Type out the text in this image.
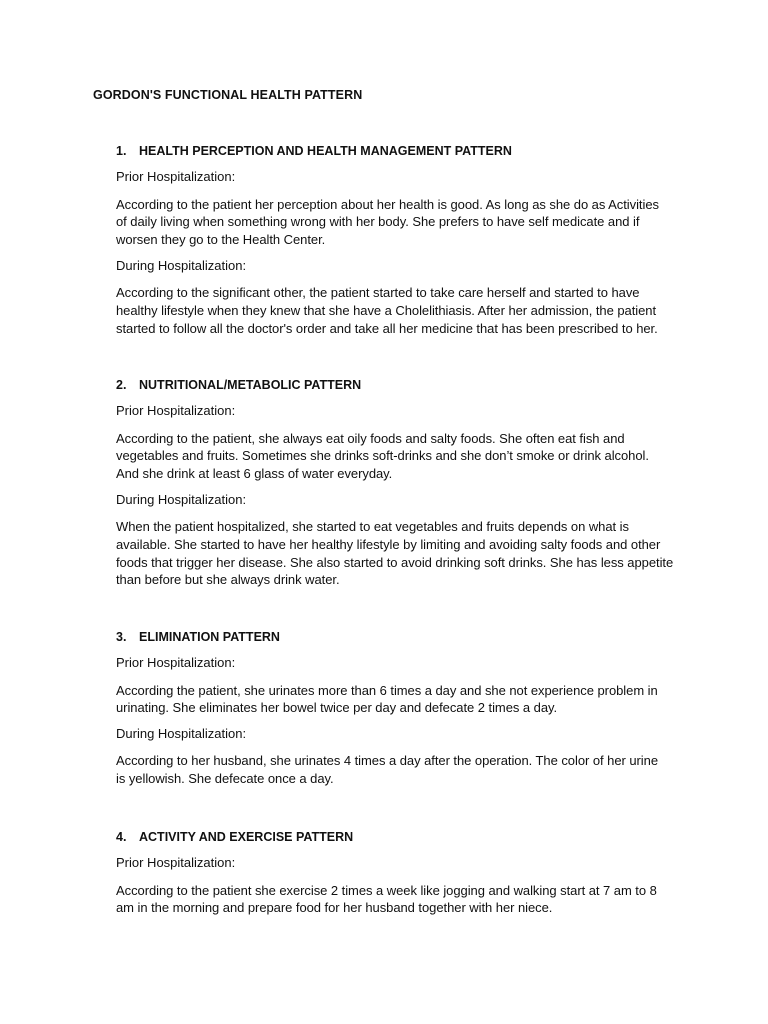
GORDON'S FUNCTIONAL HEALTH PATTERN
1. HEALTH PERCEPTION AND HEALTH MANAGEMENT PATTERN
Prior Hospitalization:
According to the patient her perception about her health is good. As long as she do as Activities
of daily living when something wrong with her body. She prefers to have self medicate and if
worsen they go to the Health Center.
During Hospitalization:
According to the significant other, the patient started to take care herself and started to have
healthy lifestyle when they knew that she have a Cholelithiasis. After her admission, the patient
started to follow all the doctor's order and take all her medicine that has been prescribed to her.
2. NUTRITIONAL/METABOLIC PATTERN
Prior Hospitalization:
According to the patient, she always eat oily foods and salty foods. She often eat fish and
vegetables and fruits. Sometimes she drinks soft-drinks and she don’t smoke or drink alcohol.
And she drink at least 6 glass of water everyday.
During Hospitalization:
When the patient hospitalized, she started to eat vegetables and fruits depends on what is
available. She started to have her healthy lifestyle by limiting and avoiding salty foods and other
foods that trigger her disease. She also started to avoid drinking soft drinks. She has less appetite
than before but she always drink water.
3. ELIMINATION PATTERN
Prior Hospitalization:
According the patient, she urinates more than 6 times a day and she not experience problem in
urinating. She eliminates her bowel twice per day and defecate 2 times a day.
During Hospitalization:
According to her husband, she urinates 4 times a day after the operation. The color of her urine
is yellowish. She defecate once a day.
4. ACTIVITY AND EXERCISE PATTERN
Prior Hospitalization:
According to the patient she exercise 2 times a week like jogging and walking start at 7 am to 8
am in the morning and prepare food for her husband together with her niece.
